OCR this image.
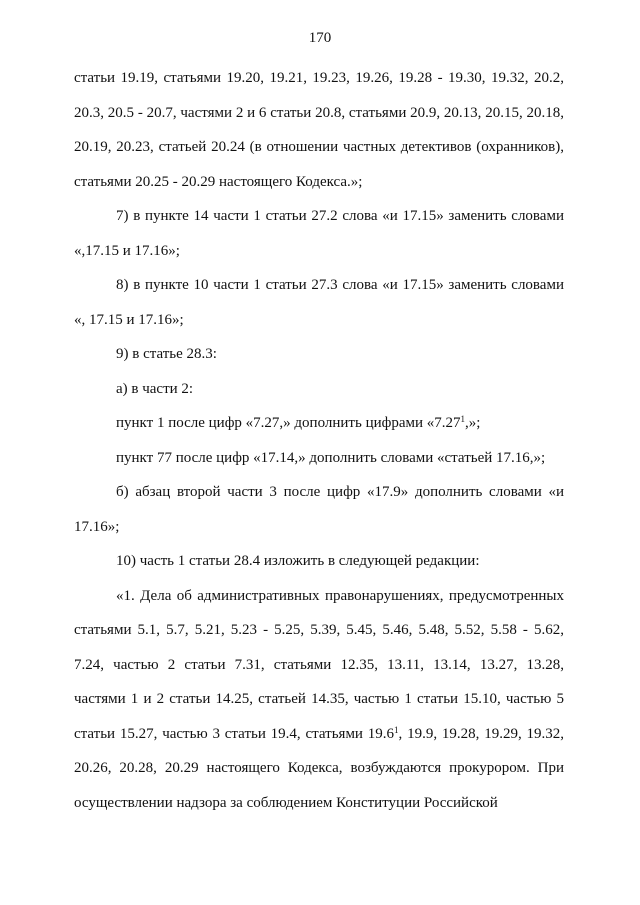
170

статьи 19.19, статьями 19.20, 19.21, 19.23, 19.26, 19.28 - 19.30, 19.32, 20.2, 20.3, 20.5 - 20.7, частями 2 и 6 статьи 20.8, статьями 20.9, 20.13, 20.15, 20.18, 20.19, 20.23, статьей 20.24 (в отношении частных детективов (охранников), статьями 20.25 - 20.29 настоящего Кодекса.»;

7) в пункте 14 части 1 статьи 27.2 слова «и 17.15» заменить словами «,17.15 и 17.16»;

8) в пункте 10 части 1 статьи 27.3 слова «и 17.15» заменить словами «, 17.15 и 17.16»;

9) в статье 28.3:

а) в части 2:

пункт 1 после цифр «7.27,» дополнить цифрами «7.27$^1$,»;

пункт 77 после цифр «17.14,» дополнить словами «статьей 17.16,»;

б) абзац второй части 3 после цифр «17.9» дополнить словами «и 17.16»;

10) часть 1 статьи 28.4 изложить в следующей редакции:

«1. Дела об административных правонарушениях, предусмотренных статьями 5.1, 5.7, 5.21, 5.23 - 5.25, 5.39, 5.45, 5.46, 5.48, 5.52, 5.58 - 5.62, 7.24, частью 2 статьи 7.31, статьями 12.35, 13.11, 13.14, 13.27, 13.28, частями 1 и 2 статьи 14.25, статьей 14.35, частью 1 статьи 15.10, частью 5 статьи 15.27, частью 3 статьи 19.4, статьями 19.6$^1$, 19.9, 19.28, 19.29, 19.32, 20.26, 20.28, 20.29 настоящего Кодекса, возбуждаются прокурором. При осуществлении надзора за соблюдением Конституции Российской
